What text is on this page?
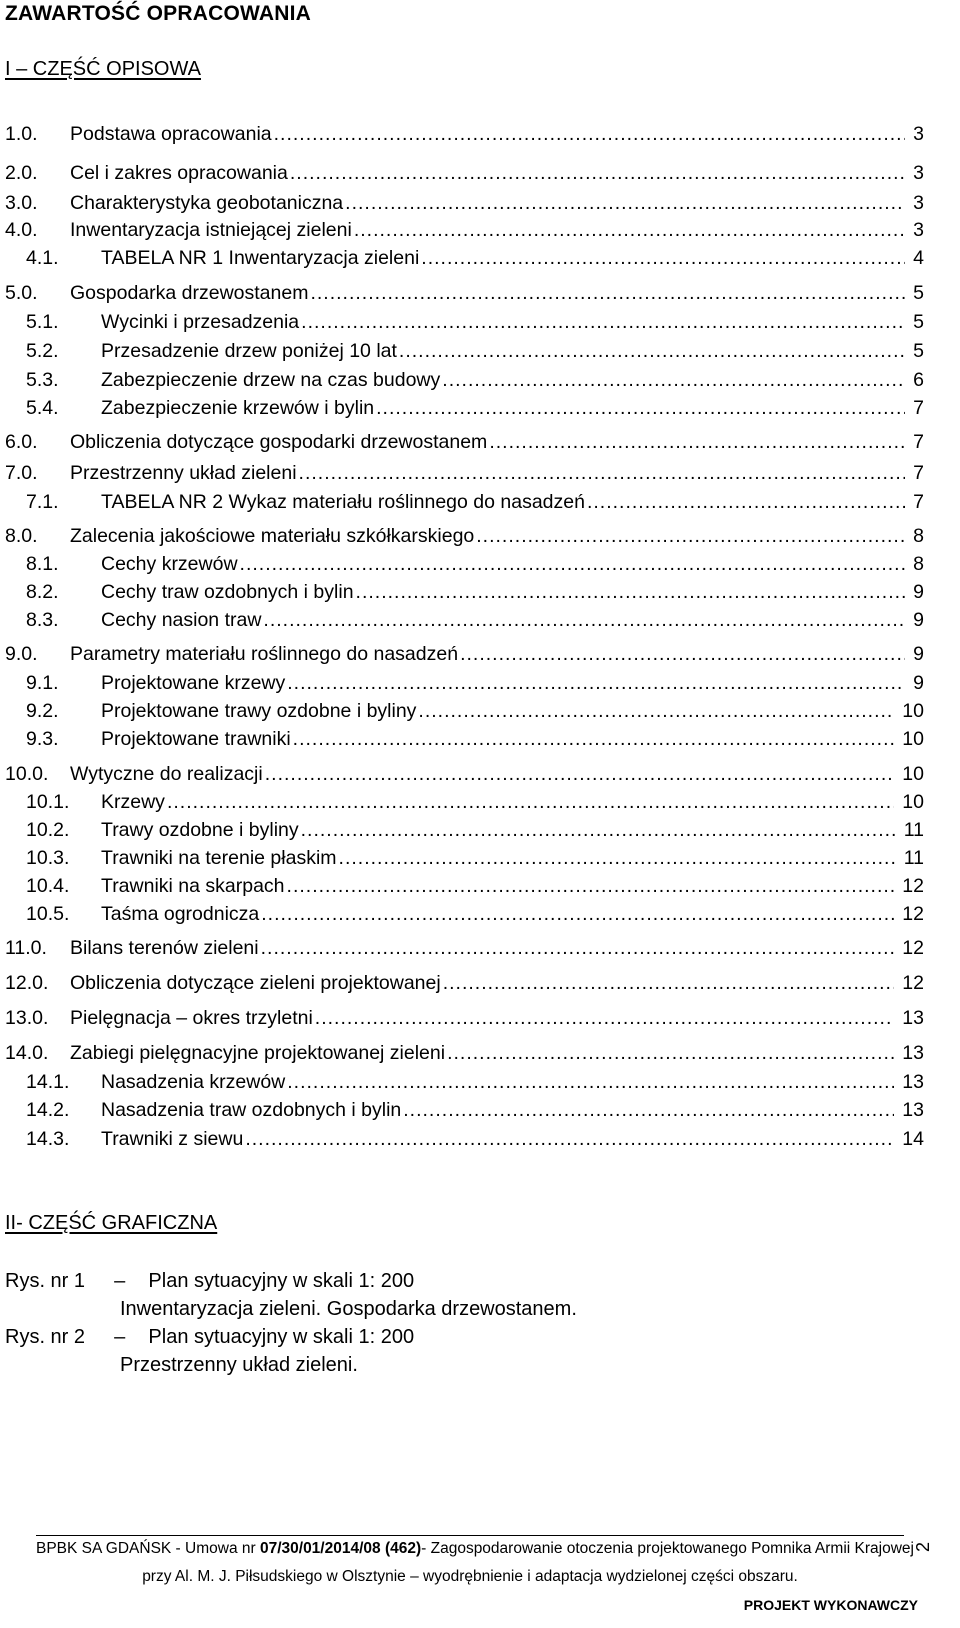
ZAWARTOŚĆ OPRACOWANIA
I – CZĘŚĆ OPISOWA
1.0. Podstawa opracowania .....	3
2.0. Cel i zakres opracowania .....	3
3.0. Charakterystyka geobotaniczna .....	3
4.0. Inwentaryzacja istniejącej zieleni .....	3
4.1. TABELA NR 1 Inwentaryzacja zieleni .....	4
5.0. Gospodarka drzewostanem .....	5
5.1. Wycinki i przesadzenia .....	5
5.2. Przesadzenie drzew poniżej 10 lat .....	5
5.3. Zabezpieczenie drzew na czas budowy .....	6
5.4. Zabezpieczenie krzewów i bylin .....	7
6.0. Obliczenia dotyczące gospodarki drzewostanem .....	7
7.0. Przestrzenny układ zieleni .....	7
7.1. TABELA NR 2 Wykaz materiału roślinnego do nasadzeń .....	7
8.0. Zalecenia jakościowe materiału szkółkarskiego .....	8
8.1. Cechy krzewów .....	8
8.2. Cechy traw ozdobnych i bylin .....	9
8.3. Cechy nasion traw .....	9
9.0. Parametry materiału roślinnego do nasadzeń .....	9
9.1. Projektowane krzewy .....	9
9.2. Projektowane trawy ozdobne i byliny .....	10
9.3. Projektowane trawniki .....	10
10.0. Wytyczne do realizacji .....	10
10.1. Krzewy .....	10
10.2. Trawy ozdobne i byliny .....	11
10.3. Trawniki na terenie płaskim .....	11
10.4. Trawniki na skarpach .....	12
10.5. Taśma ogrodnicza .....	12
11.0. Bilans terenów zieleni .....	12
12.0. Obliczenia dotyczące zieleni projektowanej .....	12
13.0. Pielęgnacja – okres trzyletni .....	13
14.0. Zabiegi pielęgnacyjne projektowanej zieleni .....	13
14.1. Nasadzenia krzewów .....	13
14.2. Nasadzenia traw ozdobnych i bylin .....	13
14.3. Trawniki z siewu .....	14
II- CZĘŚĆ GRAFICZNA
Rys. nr 1 – Plan sytuacyjny w skali 1: 200
Inwentaryzacja zieleni. Gospodarka drzewostanem.
Rys. nr 2 – Plan sytuacyjny w skali 1: 200
Przestrzenny układ zieleni.
BPBK SA GDAŃSK - Umowa nr 07/30/01/2014/08 (462)- Zagospodarowanie otoczenia projektowanego Pomnika Armii Krajowej
przy Al. M. J. Piłsudskiego w Olsztynie – wyodrębnienie i adaptacja wydzielonej części obszaru.
PROJEKT WYKONAWCZY
2
